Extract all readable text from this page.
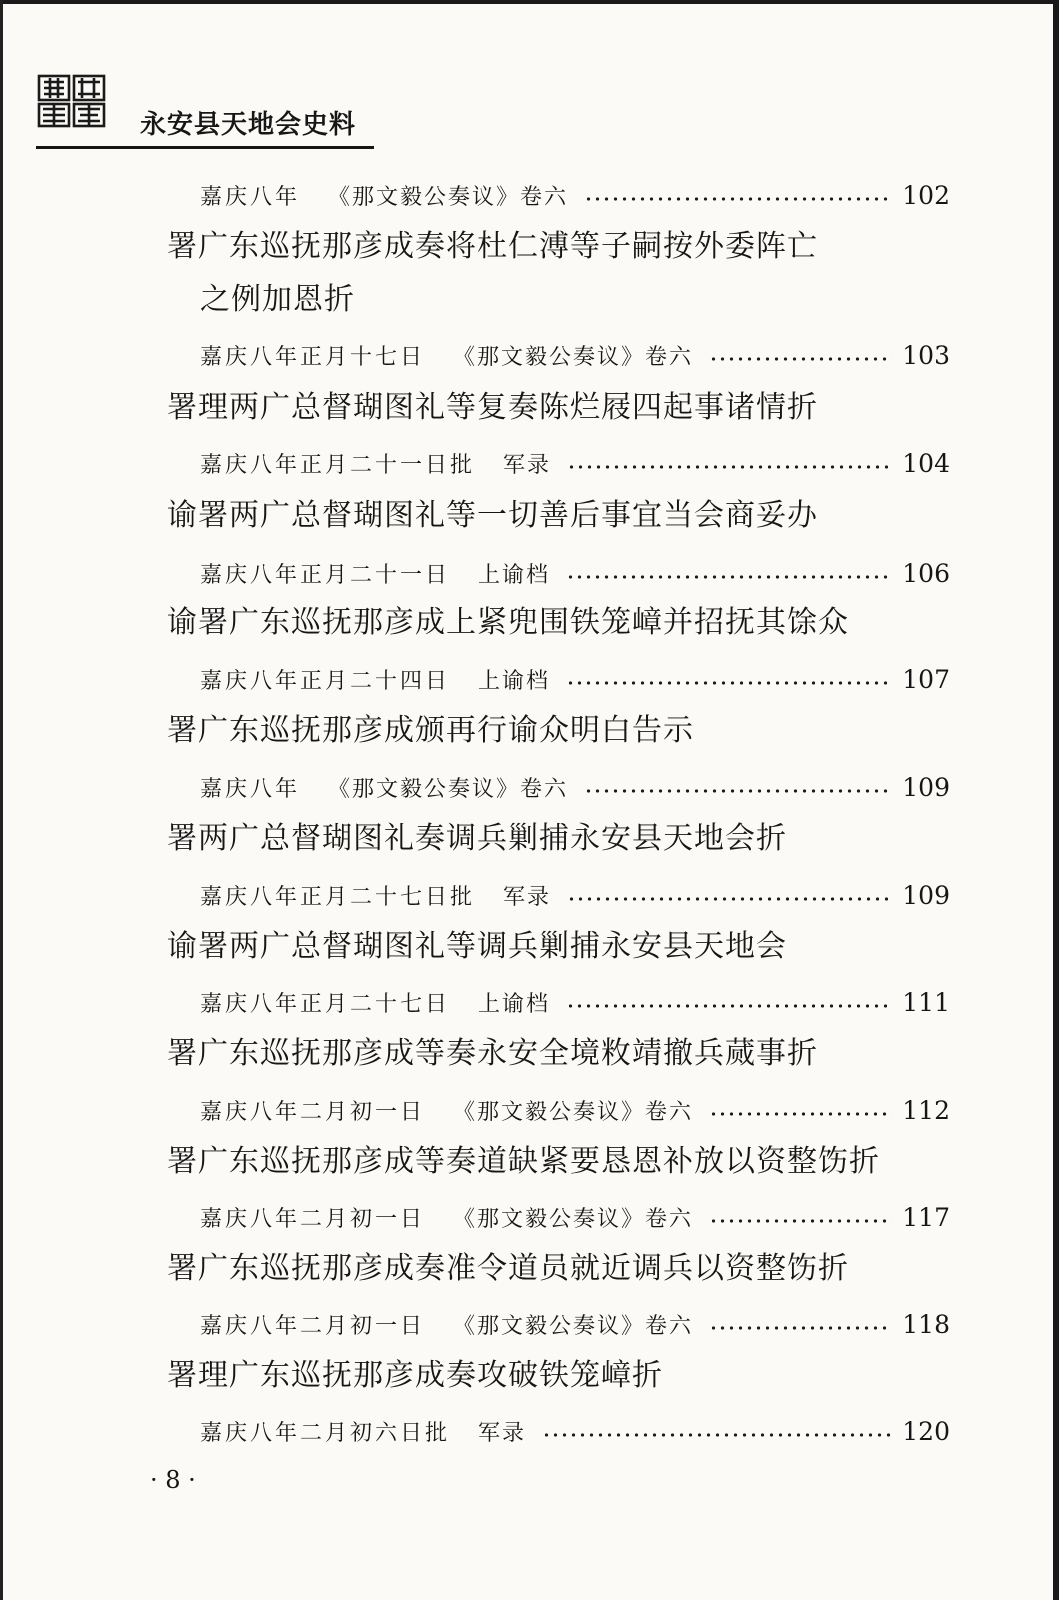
永安县天地会史料
嘉庆八年 《那文毅公奏议》卷六	102
署广东巡抚那彦成奏将杜仁溥等子嗣按外委阵亡
之例加恩折
嘉庆八年正月十七日 《那文毅公奏议》卷六	103
署理两广总督瑚图礼等复奏陈烂屐四起事诸情折
嘉庆八年正月二十一日批 军录	104
谕署两广总督瑚图礼等一切善后事宜当会商妥办
嘉庆八年正月二十一日 上谕档	106
谕署广东巡抚那彦成上紧兜围铁笼嶂并招抚其馀众
嘉庆八年正月二十四日 上谕档	107
署广东巡抚那彦成颁再行谕众明白告示
嘉庆八年 《那文毅公奏议》卷六	109
署两广总督瑚图礼奏调兵剿捕永安县天地会折
嘉庆八年正月二十七日批 军录	109
谕署两广总督瑚图礼等调兵剿捕永安县天地会
嘉庆八年正月二十七日 上谕档	111
署广东巡抚那彦成等奏永安全境敉靖撤兵蒇事折
嘉庆八年二月初一日 《那文毅公奏议》卷六	112
署广东巡抚那彦成等奏道缺紧要恳恩补放以资整饬折
嘉庆八年二月初一日 《那文毅公奏议》卷六	117
署广东巡抚那彦成奏准令道员就近调兵以资整饬折
嘉庆八年二月初一日 《那文毅公奏议》卷六	118
署理广东巡抚那彦成奏攻破铁笼嶂折
嘉庆八年二月初六日批 军录	120
· 8 ·
